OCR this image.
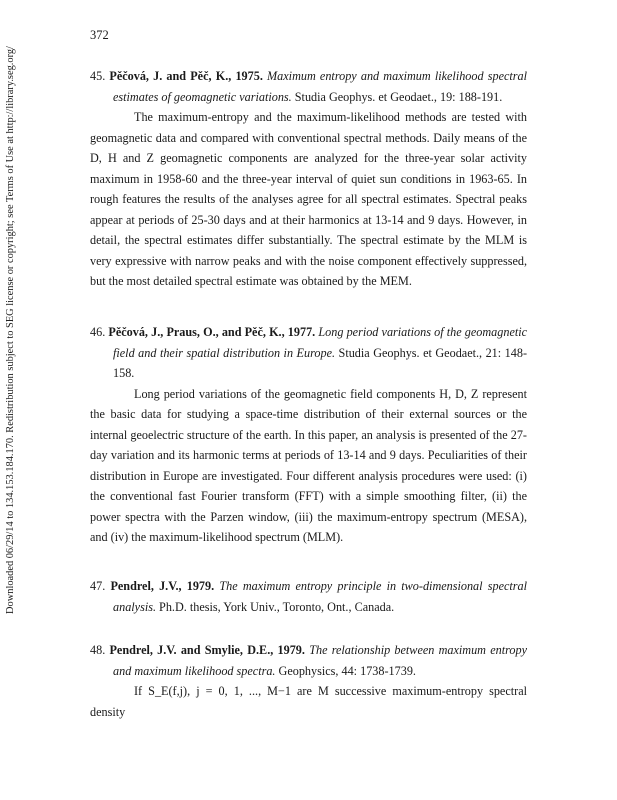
372
Downloaded 06/29/14 to 134.153.184.170. Redistribution subject to SEG license or copyright; see Terms of Use at http://library.seg.org/	45. Pěčová, J. and Pěč, K., 1975. Maximum entropy and maximum likelihood spectral estimates of geomagnetic variations. Studia Geophys. et Geodaet., 19: 188-191.

The maximum-entropy and the maximum-likelihood methods are tested with geomagnetic data and compared with conventional spectral methods. Daily means of the D, H and Z geomagnetic components are analyzed for the three-year solar activity maximum in 1958-60 and the three-year interval of quiet sun conditions in 1963-65. In rough features the results of the analyses agree for all spectral estimates. Spectral peaks appear at periods of 25-30 days and at their harmonics at 13-14 and 9 days. However, in detail, the spectral estimates differ substantially. The spectral estimate by the MLM is very expressive with narrow peaks and with the noise component effectively suppressed, but the most detailed spectral estimate was obtained by the MEM.

46. Pěčová, J., Praus, O., and Pěč, K., 1977. Long period variations of the geomagnetic field and their spatial distribution in Europe. Studia Geophys. et Geodaet., 21: 148-158.

Long period variations of the geomagnetic field components H, D, Z represent the basic data for studying a space-time distribution of their external sources or the internal geoelectric structure of the earth. In this paper, an analysis is presented of the 27-day variation and its harmonic terms at periods of 13-14 and 9 days. Peculiarities of their distribution in Europe are investigated. Four different analysis procedures were used: (i) the conventional fast Fourier transform (FFT) with a simple smoothing filter, (ii) the power spectra with the Parzen window, (iii) the maximum-entropy spectrum (MESA), and (iv) the maximum-likelihood spectrum (MLM).

47. Pendrel, J.V., 1979. The maximum entropy principle in two-dimensional spectral analysis. Ph.D. thesis, York Univ., Toronto, Ont., Canada.

48. Pendrel, J.V. and Smylie, D.E., 1979. The relationship between maximum entropy and maximum likelihood spectra. Geophysics, 44: 1738-1739.

If S_E(f,j), j = 0, 1, ..., M−1 are M successive maximum-entropy spectral density
